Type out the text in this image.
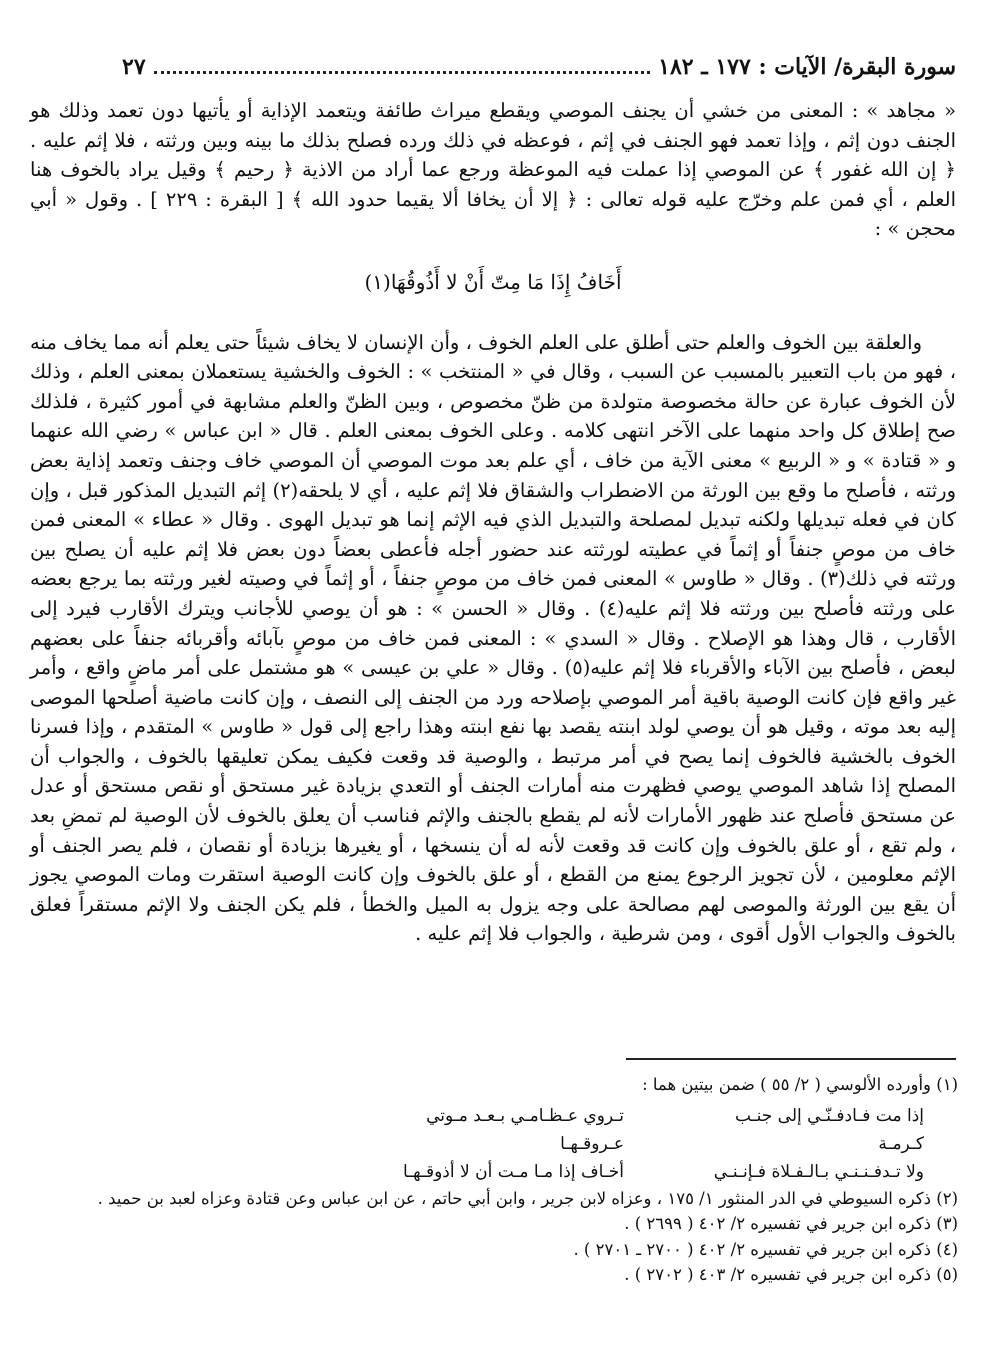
سورة البقرة/ الآيات : ١٧٧ ـ ١٨٢
٢٧

« مجاهد » : المعنى من خشي أن يجنف الموصي ويقطع ميراث طائفة ويتعمد الإذاية أو يأتيها دون تعمد وذلك هو الجنف دون إثم ، وإذا تعمد فهو الجنف في إثم ، فوعظه في ذلك ورده فصلح بذلك ما بينه وبين ورثته ، فلا إثم عليه . ﴿ إن الله غفور ﴾ عن الموصي إذا عملت فيه الموعظة ورجع عما أراد من الاذية ﴿ رحيم ﴾ وقيل يراد بالخوف هنا العلم ، أي فمن علم وخرّج عليه قوله تعالى : ﴿ إلا أن يخافا ألا يقيما حدود الله ﴾ [ البقرة : ٢٢٩ ] . وقول « أبي محجن » :

أَخَافُ إِذَا مَا مِتّ أَنْ لا أَذُوقُهَا(١)

والعلقة بين الخوف والعلم حتى أطلق على العلم الخوف ، وأن الإنسان لا يخاف شيئاً حتى يعلم أنه مما يخاف منه ، فهو من باب التعبير بالمسبب عن السبب ، وقال في « المنتخب » : الخوف والخشية يستعملان بمعنى العلم ، وذلك لأن الخوف عبارة عن حالة مخصوصة متولدة من ظنّ مخصوص ، وبين الظنّ والعلم مشابهة في أمور كثيرة ، فلذلك صح إطلاق كل واحد منهما على الآخر انتهى كلامه . وعلى الخوف بمعنى العلم . قال « ابن عباس » رضي الله عنهما و « قتادة » و « الربيع » معنى الآية من خاف ، أي علم بعد موت الموصي أن الموصي خاف وجنف وتعمد إذاية بعض ورثته ، فأصلح ما وقع بين الورثة من الاضطراب والشقاق فلا إثم عليه ، أي لا يلحقه(٢) إثم التبديل المذكور قبل ، وإن كان في فعله تبديلها ولكنه تبديل لمصلحة والتبديل الذي فيه الإثم إنما هو تبديل الهوى . وقال « عطاء » المعنى فمن خاف من موصٍ جنفاً أو إثماً في عطيته لورثته عند حضور أجله فأعطى بعضاً دون بعض فلا إثم عليه أن يصلح بين ورثته في ذلك(٣) . وقال « طاوس » المعنى فمن خاف من موصٍ جنفاً ، أو إثماً في وصيته لغير ورثته بما يرجع بعضه على ورثته فأصلح بين ورثته فلا إثم عليه(٤) . وقال « الحسن » : هو أن يوصي للأجانب ويترك الأقارب فيرد إلى الأقارب ، قال وهذا هو الإصلاح . وقال « السدي » : المعنى فمن خاف من موصٍ بآبائه وأقربائه جنفاً على بعضهم لبعض ، فأصلح بين الآباء والأقرباء فلا إثم عليه(٥) . وقال « علي بن عيسى » هو مشتمل على أمر ماضٍ واقع ، وأمر غير واقع فإن كانت الوصية باقية أمر الموصي بإصلاحه ورد من الجنف إلى النصف ، وإن كانت ماضية أصلحها الموصى إليه بعد موته ، وقيل هو أن يوصي لولد ابنته يقصد بها نفع ابنته وهذا راجع إلى قول « طاوس » المتقدم ، وإذا فسرنا الخوف بالخشية فالخوف إنما يصح في أمر مرتبط ، والوصية قد وقعت فكيف يمكن تعليقها بالخوف ، والجواب أن المصلح إذا شاهد الموصي يوصي فظهرت منه أمارات الجنف أو التعدي بزيادة غير مستحق أو نقص مستحق أو عدل عن مستحق فأصلح عند ظهور الأمارات لأنه لم يقطع بالجنف والإثم فناسب أن يعلق بالخوف لأن الوصية لم تمضِ بعد ، ولم تقع ، أو علق بالخوف وإن كانت قد وقعت لأنه له أن ينسخها ، أو يغيرها بزيادة أو نقصان ، فلم يصر الجنف أو الإثم معلومين ، لأن تجويز الرجوع يمنع من القطع ، أو علق بالخوف وإن كانت الوصية استقرت ومات الموصي يجوز أن يقع بين الورثة والموصى لهم مصالحة على وجه يزول به الميل والخطأ ، فلم يكن الجنف ولا الإثم مستقراً فعلق بالخوف والجواب الأول أقوى ، ومن شرطية ، والجواب فلا إثم عليه .

(١) وأورده الألوسي ( ٢/ ٥٥ ) ضمن بيتين هما :

إذا مت فـادفـنّـي إلى جنـب كـرمـة
تـروي عـظـامـي بـعـد مـوتي عـروقـهـا
ولا تـدفـنـنـي بـالـفـلاة فـإنـنـي
أخـاف إذا مـا مـت أن لا أذوقـهـا

(٢) ذكره السيوطي في الدر المنثور ١/ ١٧٥ ، وعزاه لابن جرير ، وابن أبي حاتم ، عن ابن عباس وعن قتادة وعزاه لعبد بن حميد .

(٣) ذكره ابن جرير في تفسيره ٢/ ٤٠٢ ( ٢٦٩٩ ) .

(٤) ذكره ابن جرير في تفسيره ٢/ ٤٠٢ ( ٢٧٠٠ ـ ٢٧٠١ ) .

(٥) ذكره ابن جرير في تفسيره ٢/ ٤٠٣ ( ٢٧٠٢ ) .
